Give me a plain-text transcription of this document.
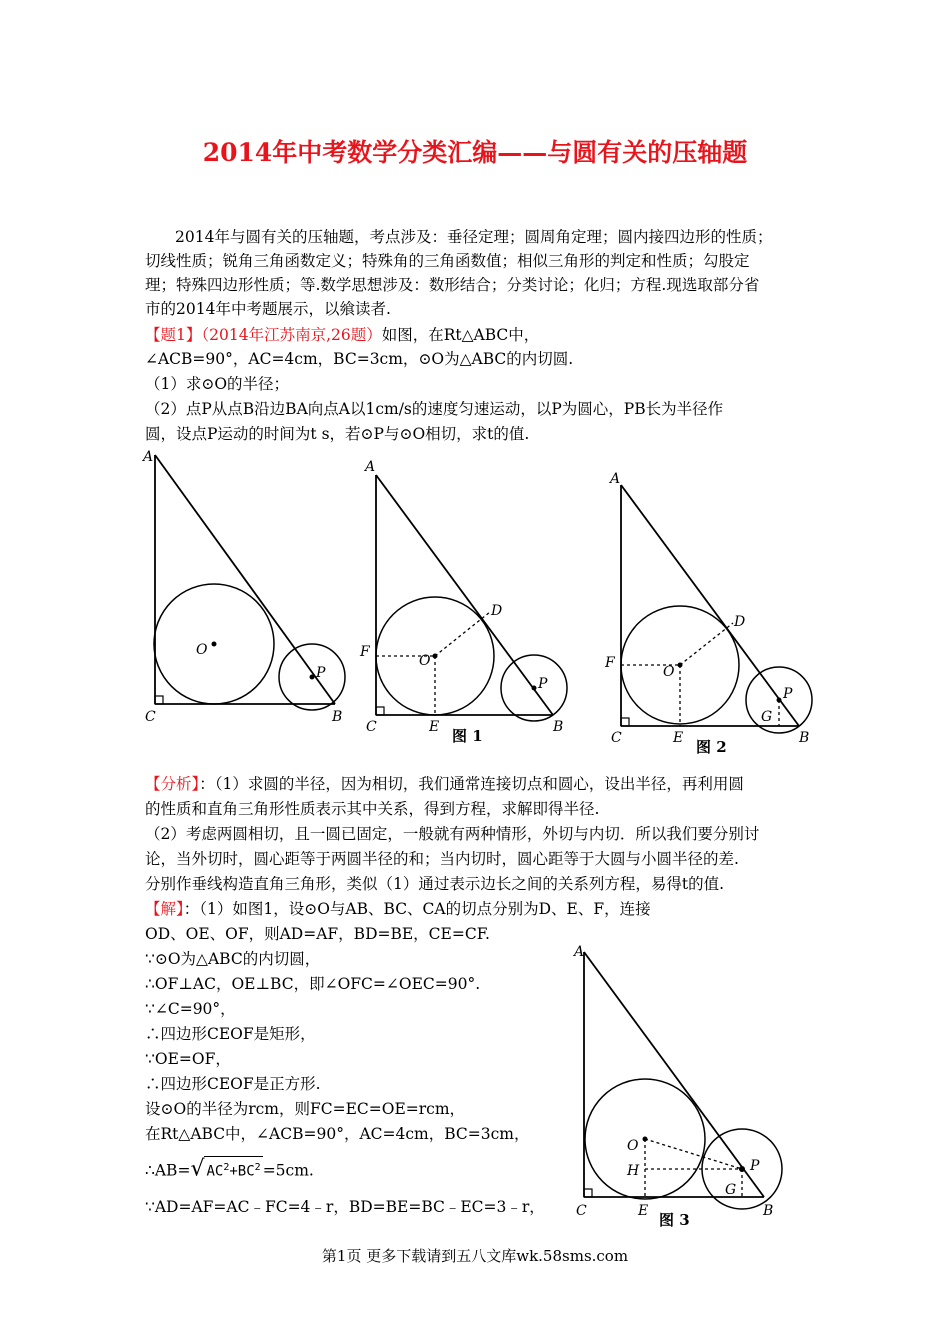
2014年中考数学分类汇编——与圆有关的压轴题
2014年与圆有关的压轴题，考点涉及：垂径定理；圆周角定理；圆内接四边形的性质；
切线性质；锐角三角函数定义；特殊角的三角函数值；相似三角形的判定和性质；勾股定
理；特殊四边形性质；等.数学思想涉及：数形结合；分类讨论；化归；方程.现选取部分省
市的2014年中考题展示，以飨读者.
【题1】（2014年江苏南京,26题）如图，在Rt△ABC中，
∠ACB=90°，AC=4cm，BC=3cm，⊙O为△ABC的内切圆.
（1）求⊙O的半径；
（2）点P从点B沿边BA向点A以1cm/s的速度匀速运动，以P为圆心，PB长为半径作
圆，设点P运动的时间为t s，若⊙P与⊙O相切，求t的值.
A
C	B
O
P
A
C	E	B
F
O
D
P
图 1
A
C	E	B
F
O
D
P
G
图 2
【分析】：（1）求圆的半径，因为相切，我们通常连接切点和圆心，设出半径，再利用圆
的性质和直角三角形性质表示其中关系，得到方程，求解即得半径.
（2）考虑两圆相切，且一圆已固定，一般就有两种情形，外切与内切．所以我们要分别讨
论，当外切时，圆心距等于两圆半径的和；当内切时，圆心距等于大圆与小圆半径的差.
分别作垂线构造直角三角形，类似（1）通过表示边长之间的关系列方程，易得t的值.
【解】：（1）如图1，设⊙O与AB、BC、CA的切点分别为D、E、F，连接
OD、OE、OF，则AD=AF，BD=BE，CE=CF.
∵⊙O为△ABC的内切圆，
∴OF⊥AC，OE⊥BC，即∠OFC=∠OEC=90°.
∵∠C=90°，
∴四边形CEOF是矩形，
∵OE=OF，
∴四边形CEOF是正方形.
设⊙O的半径为rcm，则FC=EC=OE=rcm，
在Rt△ABC中，∠ACB=90°，AC=4cm，BC=3cm，
∴AB=√ $AC^2+BC^2 =5cm$.
∵AD=AF=AC﹣FC=4﹣r，BD=BE=BC﹣EC=3﹣r，
A
C	E	B
O
H	P
G
图 3
第1页 更多下载请到五八文库wk.58sms.com
